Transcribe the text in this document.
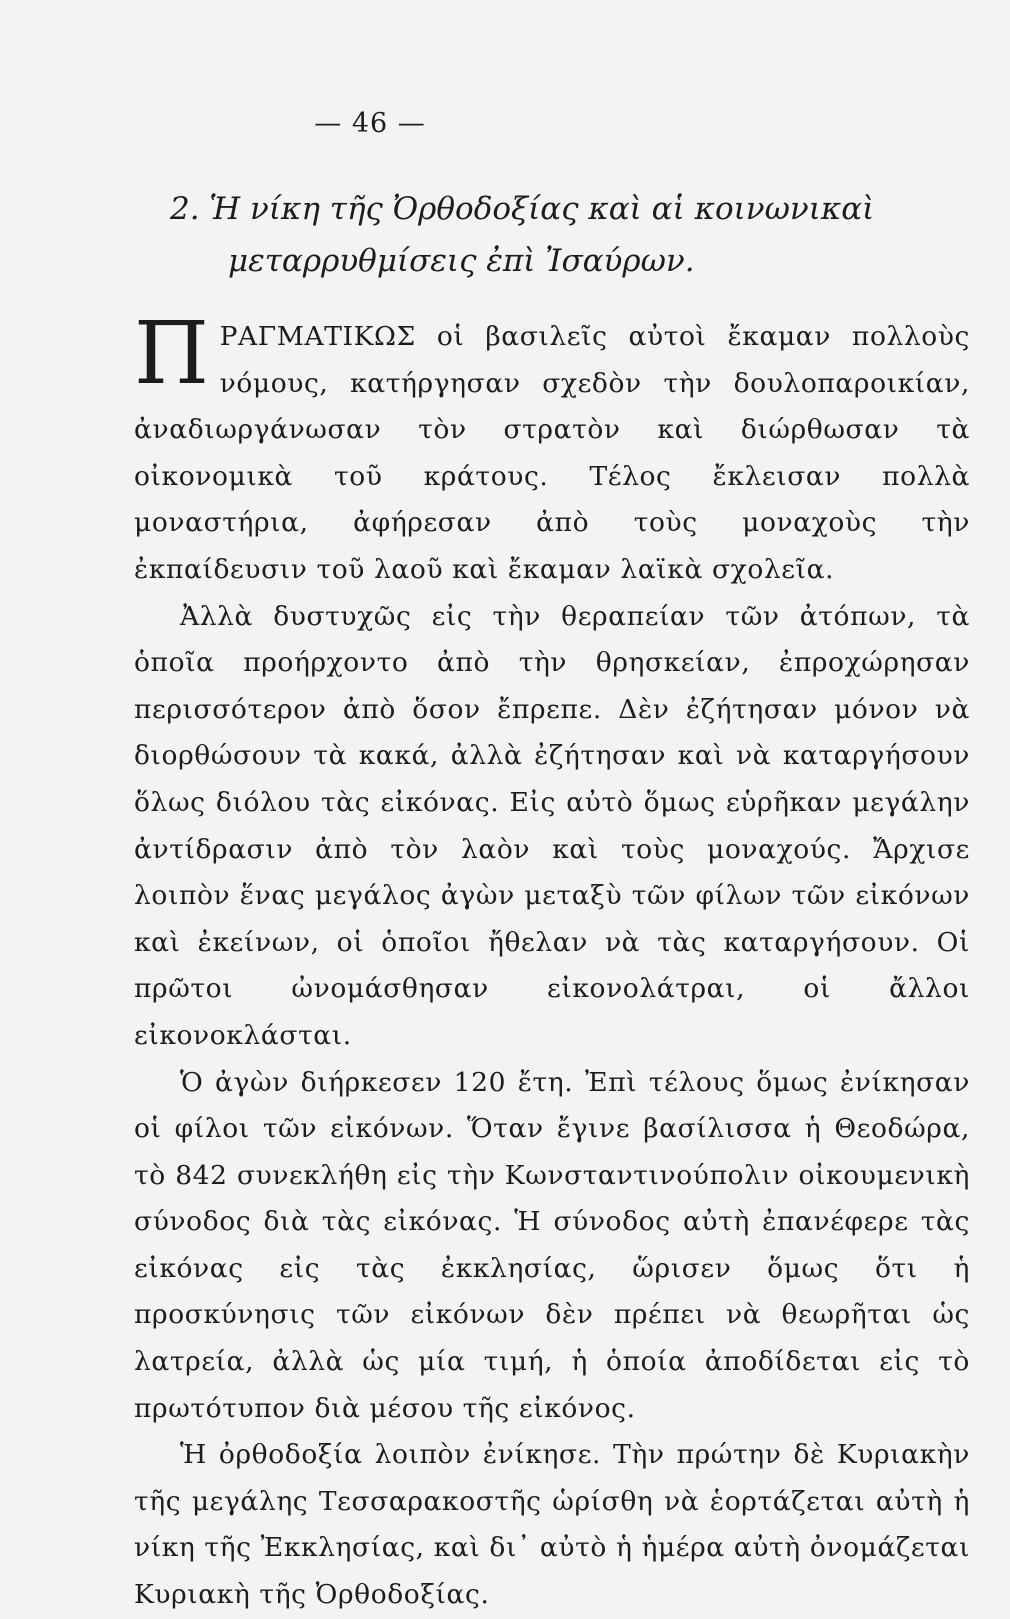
— 46 —
2. Ἡ νίκη τῆς Ὀρθοδοξίας καὶ αἱ κοινωνικαὶ
μεταρρυθμίσεις ἐπὶ Ἰσαύρων.

Π ΡΑΓΜΑΤΙΚΩΣ οἱ βασιλεῖς αὐτοὶ ἔκαμαν πολλοὺς νόμους, κατήργησαν σχεδὸν τὴν δουλοπαροικίαν, ἀναδιωργάνωσαν τὸν στρατὸν καὶ διώρθωσαν τὰ οἰκονομικὰ τοῦ κράτους. Τέλος ἔκλεισαν πολλὰ μοναστήρια, ἀφήρεσαν ἀπὸ τοὺς μοναχοὺς τὴν ἐκπαίδευσιν τοῦ λαοῦ καὶ ἔκαμαν λαϊκὰ σχολεῖα.

Ἀλλὰ δυστυχῶς εἰς τὴν θεραπείαν τῶν ἀτόπων, τὰ ὁποῖα προήρχοντο ἀπὸ τὴν θρησκείαν, ἐπροχώρησαν περισσότερον ἀπὸ ὅσον ἔπρεπε. Δὲν ἐζήτησαν μόνον νὰ διορθώσουν τὰ κακά, ἀλλὰ ἐζήτησαν καὶ νὰ καταργήσουν ὅλως διόλου τὰς εἰκόνας. Εἰς αὐτὸ ὅμως εὑρῆκαν μεγάλην ἀντίδρασιν ἀπὸ τὸν λαὸν καὶ τοὺς μοναχούς. Ἄρχισε λοιπὸν ἕνας μεγάλος ἀγὼν μεταξὺ τῶν φίλων τῶν εἰκόνων καὶ ἐκείνων, οἱ ὁποῖοι ἤθελαν νὰ τὰς καταργήσουν. Οἱ πρῶτοι ὠνομάσθησαν εἰκονολάτραι, οἱ ἄλλοι εἰκονοκλάσται.

Ὁ ἀγὼν διήρκεσεν 120 ἔτη. Ἐπὶ τέλους ὅμως ἐνίκησαν οἱ φίλοι τῶν εἰκόνων. Ὅταν ἔγινε βασίλισσα ἡ Θεοδώρα, τὸ 842 συνεκλήθη εἰς τὴν Κωνσταντινούπολιν οἰκουμενικὴ σύνοδος διὰ τὰς εἰκόνας. Ἡ σύνοδος αὐτὴ ἐπανέφερε τὰς εἰκόνας εἰς τὰς ἐκκλησίας, ὥρισεν ὅμως ὅτι ἡ προσκύνησις τῶν εἰκόνων δὲν πρέπει νὰ θεωρῆται ὡς λατρεία, ἀλλὰ ὡς μία τιμή, ἡ ὁποία ἀποδίδεται εἰς τὸ πρωτότυπον διὰ μέσου τῆς εἰκόνος.

Ἡ ὀρθοδοξία λοιπὸν ἐνίκησε. Τὴν πρώτην δὲ Κυριακὴν τῆς μεγάλης Τεσσαρακοστῆς ὡρίσθη νὰ ἑορτάζεται αὐτὴ ἡ νίκη τῆς Ἐκκλησίας, καὶ δι᾿ αὐτὸ ἡ ἡμέρα αὐτὴ ὀνομάζεται Κυριακὴ τῆς Ὀρθοδοξίας.
